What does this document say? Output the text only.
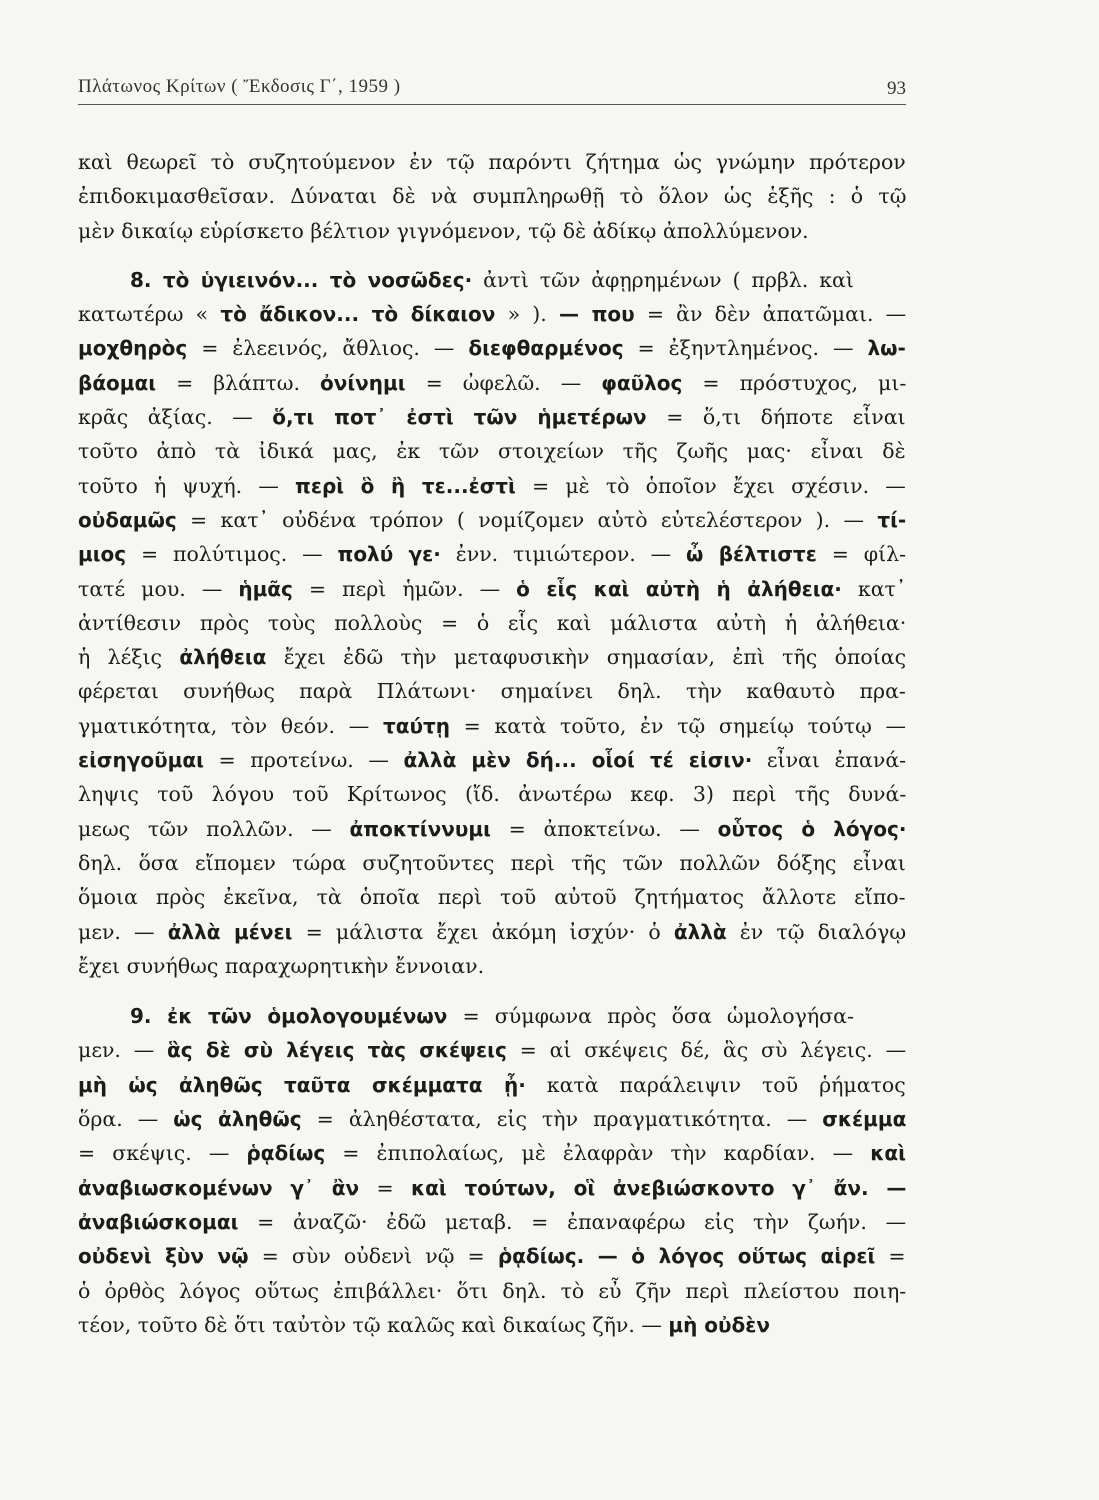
Πλάτωνος Κρίτων ( Ἔκδοσις Γ΄, 1959 )	93
καὶ θεωρεῖ τὸ συζητούμενον ἐν τῷ παρόντι ζήτημα ὡς γνώμην πρότερον
ἐπιδοκιμασθεῖσαν. Δύναται δὲ νὰ συμπληρωθῇ τὸ ὅλον ὡς ἑξῆς : ὁ τῷ
μὲν δικαίῳ εὑρίσκετο βέλτιον γιγνόμενον, τῷ δὲ ἀδίκῳ ἀπολλύμενον.
8. τὸ ὑγιεινόν... τὸ νοσῶδες· ἀντὶ τῶν ἀφῃρημένων ( πρβλ. καὶ
κατωτέρω « τὸ ἄδικον... τὸ δίκαιον » ). — που = ἂν δὲν ἀπατῶμαι. —
μοχθηρὸς = ἐλεεινός, ἄθλιος. — διεφθαρμένος = ἐξηντλημένος. — λω-
βάομαι = βλάπτω. ὀνίνημι = ὠφελῶ. — φαῦλος = πρόστυχος, μι-
κρᾶς ἀξίας. — ὅ,τι ποτ᾽ ἐστὶ τῶν ἡμετέρων = ὅ,τι δήποτε εἶναι
τοῦτο ἀπὸ τὰ ἰδικά μας, ἐκ τῶν στοιχείων τῆς ζωῆς μας· εἶναι δὲ
τοῦτο ἡ ψυχή. — περὶ ὃ ἢ τε...ἐστὶ = μὲ τὸ ὁποῖον ἔχει σχέσιν. —
οὐδαμῶς = κατ᾽ οὐδένα τρόπον ( νομίζομεν αὐτὸ εὐτελέστερον ). — τί-
μιος = πολύτιμος. — πολύ γε· ἐνν. τιμιώτερον. — ὦ βέλτιστε = φίλ-
τατέ μου. — ἡμᾶς = περὶ ἡμῶν. — ὁ εἷς καὶ αὐτὴ ἡ ἀλήθεια· κατ᾽
ἀντίθεσιν πρὸς τοὺς πολλοὺς = ὁ εἷς καὶ μάλιστα αὐτὴ ἡ ἀλήθεια·
ἡ λέξις ἀλήθεια ἔχει ἐδῶ τὴν μεταφυσικὴν σημασίαν, ἐπὶ τῆς ὁποίας
φέρεται συνήθως παρὰ Πλάτωνι· σημαίνει δηλ. τὴν καθαυτὸ πρα-
γματικότητα, τὸν θεόν. — ταύτῃ = κατὰ τοῦτο, ἐν τῷ σημείῳ τούτῳ —
εἰσηγοῦμαι = προτείνω. — ἀλλὰ μὲν δή... οἷοί τέ εἰσιν· εἶναι ἐπανά-
ληψις τοῦ λόγου τοῦ Κρίτωνος (ἴδ. ἀνωτέρω κεφ. 3) περὶ τῆς δυνά-
μεως τῶν πολλῶν. — ἀποκτίννυμι = ἀποκτείνω. — οὗτος ὁ λόγος·
δηλ. ὅσα εἴπομεν τώρα συζητοῦντες περὶ τῆς τῶν πολλῶν δόξης εἶναι
ὅμοια πρὸς ἐκεῖνα, τὰ ὁποῖα περὶ τοῦ αὐτοῦ ζητήματος ἄλλοτε εἴπο-
μεν. — ἀλλὰ μένει = μάλιστα ἔχει ἀκόμη ἰσχύν· ὁ ἀλλὰ ἐν τῷ διαλόγῳ
ἔχει συνήθως παραχωρητικὴν ἔννοιαν.
9. ἐκ τῶν ὁμολογουμένων = σύμφωνα πρὸς ὅσα ὡμολογήσα-
μεν. — ἃς δὲ σὺ λέγεις τὰς σκέψεις = αἱ σκέψεις δέ, ἃς σὺ λέγεις. —
μὴ ὡς ἀληθῶς ταῦτα σκέμματα ᾖ· κατὰ παράλειψιν τοῦ ῥήματος
ὅρα. — ὡς ἀληθῶς = ἀληθέστατα, εἰς τὴν πραγματικότητα. — σκέμμα
= σκέψις. — ῥᾳδίως = ἐπιπολαίως, μὲ ἐλαφρὰν τὴν καρδίαν. — καὶ
ἀναβιωσκομένων γ᾽ ἂν = καὶ τούτων, οἳ ἀνεβιώσκοντο γ᾽ ἄν. —
ἀναβιώσκομαι = ἀναζῶ· ἐδῶ μεταβ. = ἐπαναφέρω εἰς τὴν ζωήν. —
οὐδενὶ ξὺν νῷ = σὺν οὐδενὶ νῷ = ῥᾳδίως. — ὁ λόγος οὕτως αἱρεῖ =
ὁ ὀρθὸς λόγος οὕτως ἐπιβάλλει· ὅτι δηλ. τὸ εὖ ζῆν περὶ πλείστου ποιη-
τέον, τοῦτο δὲ ὅτι ταὐτὸν τῷ καλῶς καὶ δικαίως ζῆν. — μὴ οὐδὲν
